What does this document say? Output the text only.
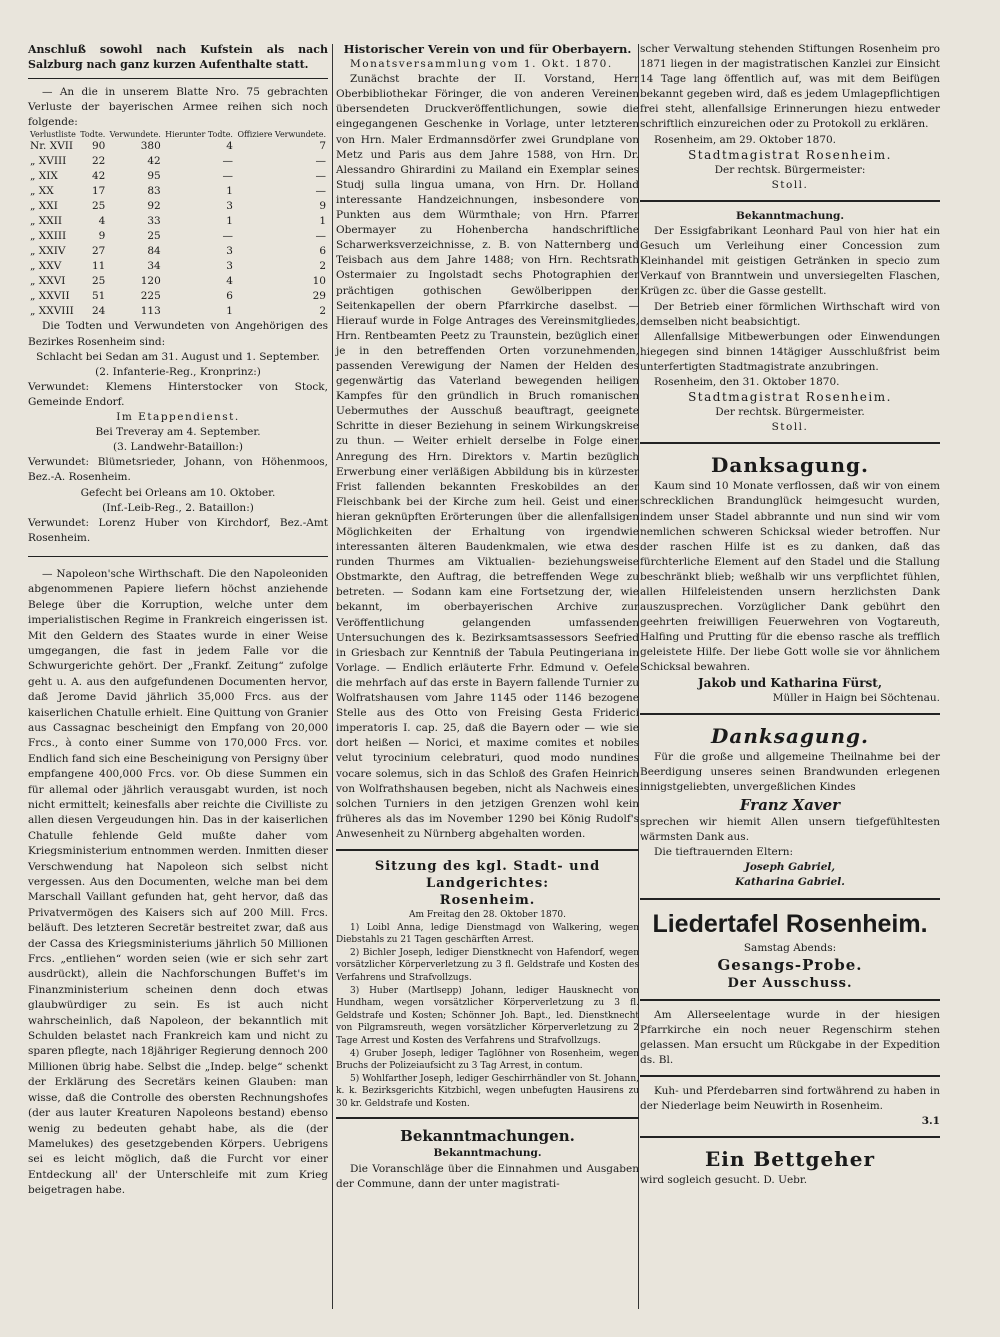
Anschluß sowohl nach Kufstein als nach Salzburg nach ganz kurzen Aufenthalte statt.

— An die in unserem Blatte Nro. 75 gebrachten Verluste der bayerischen Armee reihen sich noch folgende:

Verlustliste	Todte.	Verwundete.	Hierunter Todte.	Offiziere Verwundete.
Nr. XVII	90	380	4	7
„ XVIII	22	42	—	—
„ XIX	42	95	—	—
„ XX	17	83	1	—
„ XXI	25	92	3	9
„ XXII	4	33	1	1
„ XXIII	9	25	—	—
„ XXIV	27	84	3	6
„ XXV	11	34	3	2
„ XXVI	25	120	4	10
„ XXVII	51	225	6	29
„ XXVIII	24	113	1	2

Die Todten und Verwundeten von Angehörigen des Bezirkes Rosenheim sind:

Schlacht bei Sedan am 31. August und 1. September.

(2. Infanterie-Reg., Kronprinz:)

Verwundet: Klemens Hinterstocker von Stock, Gemeinde Endorf.

Im Etappendienst.

Bei Treveray am 4. September.

(3. Landwehr-Bataillon:)

Verwundet: Blümetsrieder, Johann, von Höhenmoos, Bez.-A. Rosenheim.

Gefecht bei Orleans am 10. Oktober.

(Inf.-Leib-Reg., 2. Bataillon:)

Verwundet: Lorenz Huber von Kirchdorf, Bez.-Amt Rosenheim.

— Napoleon'sche Wirthschaft. Die den Napoleoniden abgenommenen Papiere liefern höchst anziehende Belege über die Korruption, welche unter dem imperialistischen Regime in Frankreich eingerissen ist. Mit den Geldern des Staates wurde in einer Weise umgegangen, die fast in jedem Falle vor die Schwurgerichte gehört. Der „Frankf. Zeitung“ zufolge geht u. A. aus den aufgefundenen Documenten hervor, daß Jerome David jährlich 35,000 Frcs. aus der kaiserlichen Chatulle erhielt. Eine Quittung von Granier aus Cassagnac bescheinigt den Empfang von 20,000 Frcs., à conto einer Summe von 170,000 Frcs. vor. Endlich fand sich eine Bescheinigung von Persigny über empfangene 400,000 Frcs. vor. Ob diese Summen ein für allemal oder jährlich verausgabt wurden, ist noch nicht ermittelt; keinesfalls aber reichte die Civilliste zu allen diesen Vergeudungen hin. Das in der kaiserlichen Chatulle fehlende Geld mußte daher vom Kriegsministerium entnommen werden. Inmitten dieser Verschwendung hat Napoleon sich selbst nicht vergessen. Aus den Documenten, welche man bei dem Marschall Vaillant gefunden hat, geht hervor, daß das Privatvermögen des Kaisers sich auf 200 Mill. Frcs. beläuft. Des letzteren Secretär bestreitet zwar, daß aus der Cassa des Kriegsministeriums jährlich 50 Millionen Frcs. „entliehen“ worden seien (wie er sich sehr zart ausdrückt), allein die Nachforschungen Buffet's im Finanzministerium scheinen denn doch etwas glaubwürdiger zu sein. Es ist auch nicht wahrscheinlich, daß Napoleon, der bekanntlich mit Schulden belastet nach Frankreich kam und nicht zu sparen pflegte, nach 18jähriger Regierung dennoch 200 Millionen übrig habe. Selbst die „Indep. belge“ schenkt der Erklärung des Secretärs keinen Glauben: man wisse, daß die Controlle des obersten Rechnungshofes (der aus lauter Kreaturen Napoleons bestand) ebenso wenig zu bedeuten gehabt habe, als die (der Mamelukes) des gesetzgebenden Körpers. Uebrigens sei es leicht möglich, daß die Furcht vor einer Entdeckung all' der Unterschleife mit zum Krieg beigetragen habe.

Historischer Verein von und für Oberbayern.

Monatsversammlung vom 1. Okt. 1870.

Zunächst brachte der II. Vorstand, Herr Oberbibliothekar Föringer, die von anderen Vereinen übersendeten Druckveröffentlichungen, sowie die eingegangenen Geschenke in Vorlage, unter letzteren von Hrn. Maler Erdmannsdörfer zwei Grundplane von Metz und Paris aus dem Jahre 1588, von Hrn. Dr. Alessandro Ghirardini zu Mailand ein Exemplar seines Studj sulla lingua umana, von Hrn. Dr. Holland interessante Handzeichnungen, insbesondere von Punkten aus dem Würmthale; von Hrn. Pfarrer Obermayer zu Hohenbercha handschriftliche Scharwerksverzeichnisse, z. B. von Natternberg und Teisbach aus dem Jahre 1488; von Hrn. Rechtsrath Ostermaier zu Ingolstadt sechs Photographien der prächtigen gothischen Gewölberippen der Seitenkapellen der obern Pfarrkirche daselbst. — Hierauf wurde in Folge Antrages des Vereinsmitgliedes, Hrn. Rentbeamten Peetz zu Traunstein, bezüglich einer je in den betreffenden Orten vorzunehmenden, passenden Verewigung der Namen der Helden des gegenwärtig das Vaterland bewegenden heiligen Kampfes für den gründlich in Bruch romanischen Uebermuthes der Ausschuß beauftragt, geeignete Schritte in dieser Beziehung in seinem Wirkungskreise zu thun. — Weiter erhielt derselbe in Folge einer Anregung des Hrn. Direktors v. Martin bezüglich Erwerbung einer verläßigen Abbildung bis in kürzester Frist fallenden bekannten Freskobildes an der Fleischbank bei der Kirche zum heil. Geist und einer hieran geknüpften Erörterungen über die allenfallsigen Möglichkeiten der Erhaltung von irgendwie interessanten älteren Baudenkmalen, wie etwa des runden Thurmes am Viktualien- beziehungsweise Obstmarkte, den Auftrag, die betreffenden Wege zu betreten. — Sodann kam eine Fortsetzung der, wie bekannt, im oberbayerischen Archive zur Veröffentlichung gelangenden umfassenden Untersuchungen des k. Bezirksamtsassessors Seefried in Griesbach zur Kenntniß der Tabula Peutingeriana in Vorlage. — Endlich erläuterte Frhr. Edmund v. Oefele die mehrfach auf das erste in Bayern fallende Turnier zu Wolfratshausen vom Jahre 1145 oder 1146 bezogene Stelle aus des Otto von Freising Gesta Friderici imperatoris I. cap. 25, daß die Bayern oder — wie sie dort heißen — Norici, et maxime comites et nobiles velut tyrocinium celebraturi, quod modo nundines vocare solemus, sich in das Schloß des Grafen Heinrich von Wolfrathshausen begeben, nicht als Nachweis eines solchen Turniers in den jetzigen Grenzen wohl kein früheres als das im November 1290 bei König Rudolf's Anwesenheit zu Nürnberg abgehalten worden.

Sitzung des kgl. Stadt- und Landgerichtes:

Rosenheim.

Am Freitag den 28. Oktober 1870.

1) Loibl Anna, ledige Dienstmagd von Walkering, wegen Diebstahls zu 21 Tagen geschärften Arrest.

2) Bichler Joseph, lediger Dienstknecht von Hafendorf, wegen vorsätzlicher Körperverletzung zu 3 fl. Geldstrafe und Kosten des Verfahrens und Strafvollzugs.

3) Huber (Martlsepp) Johann, lediger Hausknecht von Hundham, wegen vorsätzlicher Körperverletzung zu 3 fl. Geldstrafe und Kosten; Schönner Joh. Bapt., led. Dienstknecht von Pilgramsreuth, wegen vorsätzlicher Körperverletzung zu 2 Tage Arrest und Kosten des Verfahrens und Strafvollzugs.

4) Gruber Joseph, lediger Taglöhner von Rosenheim, wegen Bruchs der Polizeiaufsicht zu 3 Tag Arrest, in contum.

5) Wohlfarther Joseph, lediger Geschirrhändler von St. Johann, k. k. Bezirksgerichts Kitzbichl, wegen unbefugten Hausirens zu 30 kr. Geldstrafe und Kosten.

Bekanntmachungen.

Bekanntmachung.

Die Voranschläge über die Einnahmen und Ausgaben der Commune, dann der unter magistrati-

scher Verwaltung stehenden Stiftungen Rosenheim pro 1871 liegen in der magistratischen Kanzlei zur Einsicht 14 Tage lang öffentlich auf, was mit dem Beifügen bekannt gegeben wird, daß es jedem Umlagepflichtigen frei steht, allenfallsige Erinnerungen hiezu entweder schriftlich einzureichen oder zu Protokoll zu erklären.

Rosenheim, am 29. Oktober 1870.

Stadtmagistrat Rosenheim.

Der rechtsk. Bürgermeister:

Stoll.

Bekanntmachung.

Der Essigfabrikant Leonhard Paul von hier hat ein Gesuch um Verleihung einer Concession zum Kleinhandel mit geistigen Getränken in specio zum Verkauf von Branntwein und unversiegelten Flaschen, Krügen zc. über die Gasse gestellt.

Der Betrieb einer förmlichen Wirthschaft wird von demselben nicht beabsichtigt.

Allenfallsige Mitbewerbungen oder Einwendungen hiegegen sind binnen 14tägiger Ausschlußfrist beim unterfertigten Stadtmagistrate anzubringen.

Rosenheim, den 31. Oktober 1870.

Stadtmagistrat Rosenheim.

Der rechtsk. Bürgermeister.

Stoll.

Danksagung.

Kaum sind 10 Monate verflossen, daß wir von einem schrecklichen Brandunglück heimgesucht wurden, indem unser Stadel abbrannte und nun sind wir vom nemlichen schweren Schicksal wieder betroffen. Nur der raschen Hilfe ist es zu danken, daß das fürchterliche Element auf den Stadel und die Stallung beschränkt blieb; weßhalb wir uns verpflichtet fühlen, allen Hilfeleistenden unsern herzlichsten Dank auszusprechen. Vorzüglicher Dank gebührt den geehrten freiwilligen Feuerwehren von Vogtareuth, Halfing und Prutting für die ebenso rasche als trefflich geleistete Hilfe. Der liebe Gott wolle sie vor ähnlichem Schicksal bewahren.

Jakob und Katharina Fürst,

Müller in Haign bei Söchtenau.

Danksagung.

Für die große und allgemeine Theilnahme bei der Beerdigung unseres seinen Brandwunden erlegenen innigstgeliebten, unvergeßlichen Kindes

Franz Xaver

sprechen wir hiemit Allen unsern tiefgefühltesten wärmsten Dank aus.

Die tieftrauernden Eltern:

Joseph Gabriel,

Katharina Gabriel.

Liedertafel Rosenheim.

Samstag Abends:

Gesangs-Probe.

Der Ausschuss.

Am Allerseelentage wurde in der hiesigen Pfarrkirche ein noch neuer Regenschirm stehen gelassen. Man ersucht um Rückgabe in der Expedition ds. Bl.

Kuh- und Pferdebarren sind fortwährend zu haben in der Niederlage beim Neuwirth in Rosenheim.

3.1

Ein Bettgeher

wird sogleich gesucht. D. Uebr.
